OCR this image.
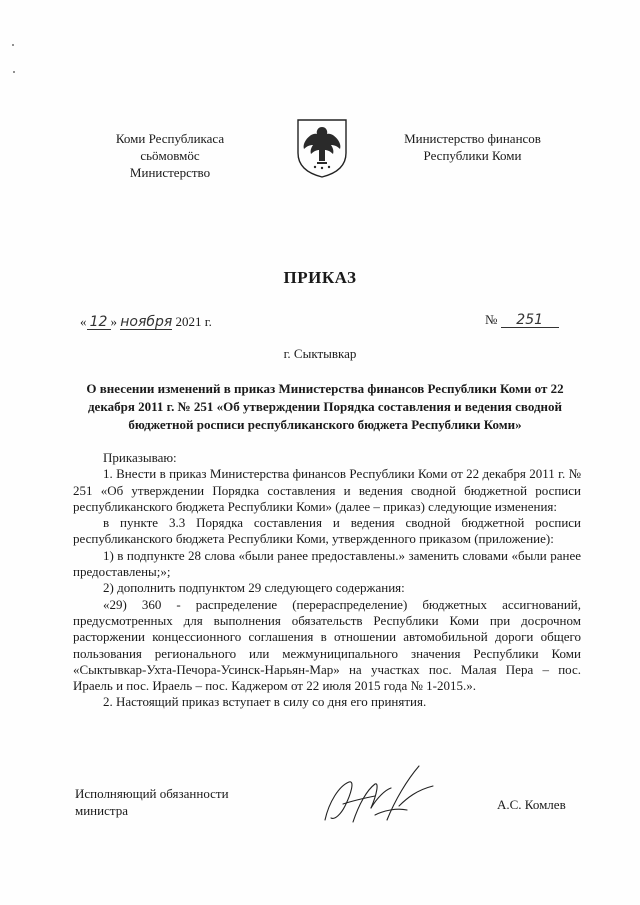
Коми Республикаса
сьӧмовмӧс
Министерство
Министерство финансов
Республики Коми
ПРИКАЗ
« 12 » ноября 2021 г.	№ 251
г. Сыктывкар
О внесении изменений в приказ Министерства финансов Республики Коми от 22 декабря 2011 г. № 251 «Об утверждении Порядка составления и ведения сводной бюджетной росписи республиканского бюджета Республики Коми»

Приказываю:

1. Внести в приказ Министерства финансов Республики Коми от 22 декабря 2011 г. № 251 «Об утверждении Порядка составления и ведения сводной бюджетной росписи республиканского бюджета Республики Коми» (далее – приказ) следующие изменения:

в пункте 3.3 Порядка составления и ведения сводной бюджетной росписи республиканского бюджета Республики Коми, утвержденного приказом (приложение):

1) в подпункте 28 слова «были ранее предоставлены.» заменить словами «были ранее предоставлены;»;

2) дополнить подпунктом 29 следующего содержания:

«29) 360 - распределение (перераспределение) бюджетных ассигнований, предусмотренных для выполнения обязательств Республики Коми при досрочном расторжении концессионного соглашения в отношении автомобильной дороги общего пользования регионального или межмуниципального значения Республики Коми «Сыктывкар-Ухта-Печора-Усинск-Нарьян-Мар» на участках пос. Малая Пера – пос. Ираель и пос. Ираель – пос. Каджером от 22 июля 2015 года № 1-2015.».

2. Настоящий приказ вступает в силу со дня его принятия.

Исполняющий обязанности
министра	А.С. Комлев
